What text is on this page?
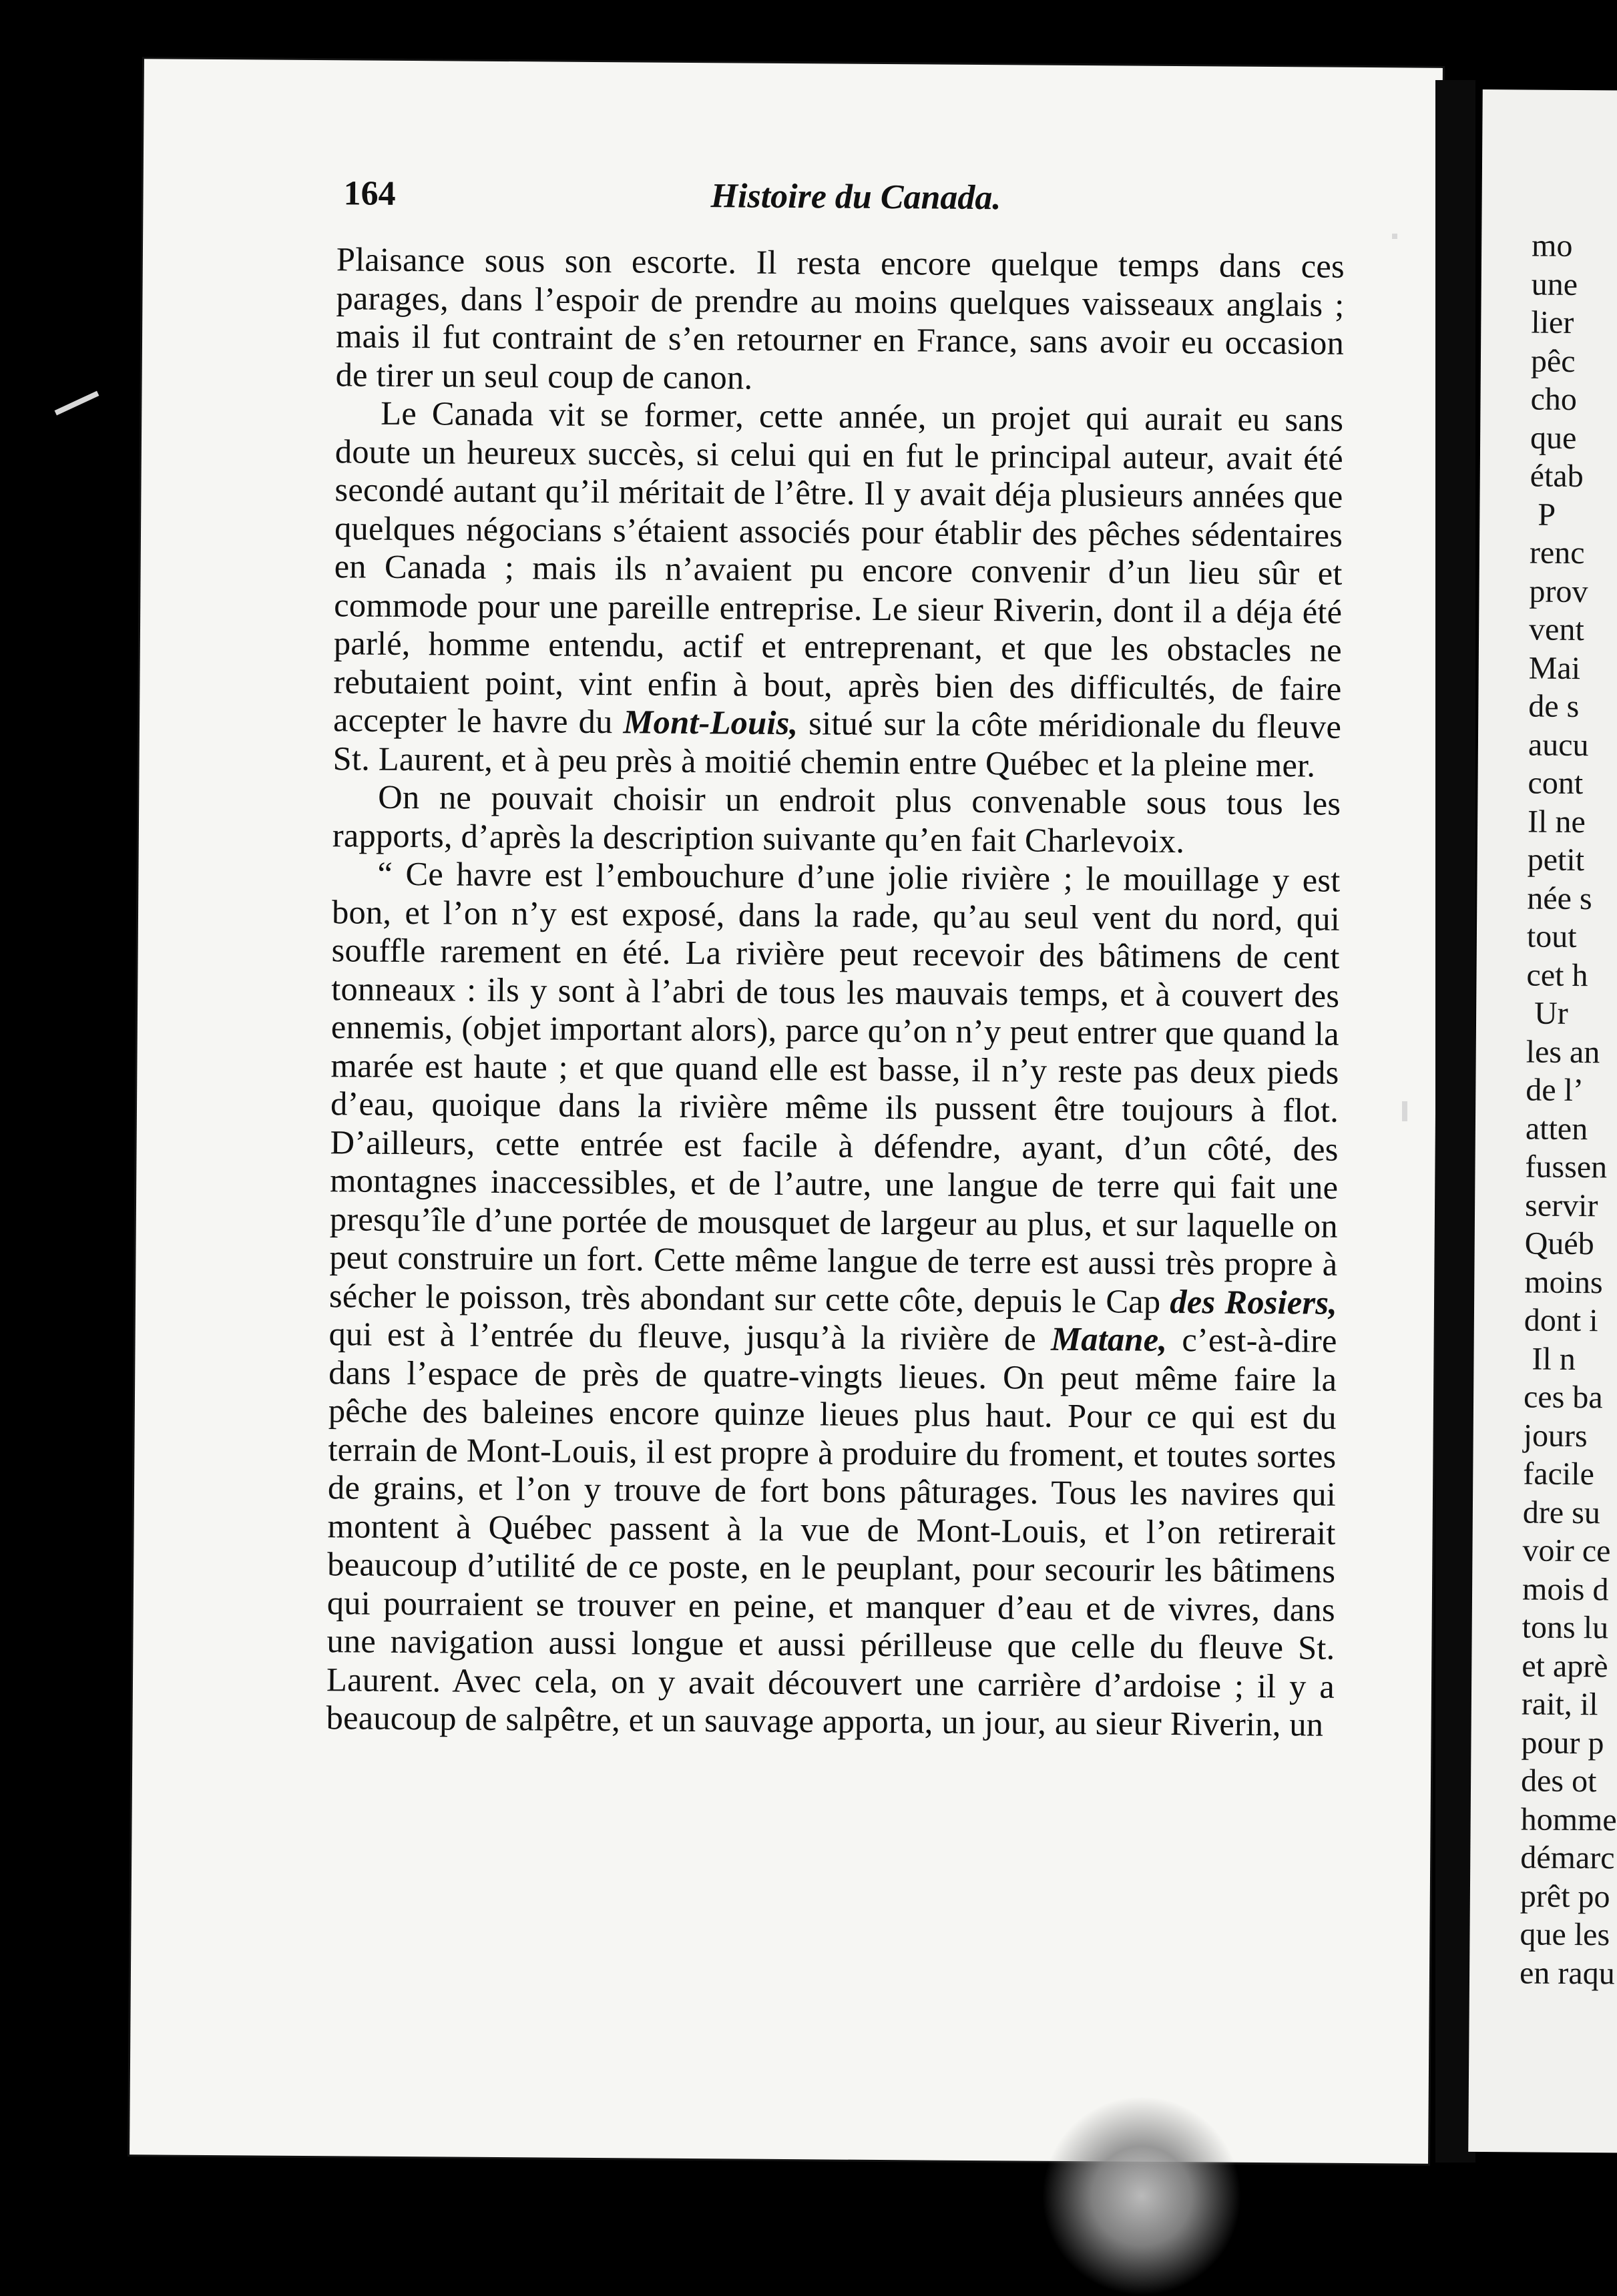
164	Histoire du Canada.

Plaisance sous son escorte. Il resta encore quelque temps dans ces parages, dans l’espoir de prendre au moins quelques vaisseaux anglais ; mais il fut contraint de s’en retourner en France, sans avoir eu occasion de tirer un seul coup de canon.

Le Canada vit se former, cette année, un projet qui aurait eu sans doute un heureux succès, si celui qui en fut le principal auteur, avait été secondé autant qu’il méritait de l’être. Il y avait déja plusieurs années que quelques négocians s’étaient associés pour établir des pêches sédentaires en Canada ; mais ils n’avaient pu encore convenir d’un lieu sûr et commode pour une pareille entreprise. Le sieur Riverin, dont il a déja été parlé, homme entendu, actif et entreprenant, et que les obstacles ne rebutaient point, vint enfin à bout, après bien des difficultés, de faire accepter le havre du Mont-Louis, situé sur la côte méridionale du fleuve St. Laurent, et à peu près à moitié chemin entre Québec et la pleine mer.

On ne pouvait choisir un endroit plus convenable sous tous les rapports, d’après la description suivante qu’en fait Charlevoix.

“ Ce havre est l’embouchure d’une jolie rivière ; le mouillage y est bon, et l’on n’y est exposé, dans la rade, qu’au seul vent du nord, qui souffle rarement en été. La rivière peut recevoir des bâtimens de cent tonneaux : ils y sont à l’abri de tous les mauvais temps, et à couvert des ennemis, (objet important alors), parce qu’on n’y peut entrer que quand la marée est haute ; et que quand elle est basse, il n’y reste pas deux pieds d’eau, quoique dans la rivière même ils pussent être toujours à flot. D’ailleurs, cette entrée est facile à défendre, ayant, d’un côté, des montagnes inaccessibles, et de l’autre, une langue de terre qui fait une presqu’île d’une portée de mousquet de largeur au plus, et sur laquelle on peut construire un fort. Cette même langue de terre est aussi très propre à sécher le poisson, très abondant sur cette côte, depuis le Cap des Rosiers, qui est à l’entrée du fleuve, jusqu’à la rivière de Matane, c’est-à-dire dans l’espace de près de quatre-vingts lieues. On peut même faire la pêche des baleines encore quinze lieues plus haut. Pour ce qui est du terrain de Mont-Louis, il est propre à produire du froment, et toutes sortes de grains, et l’on y trouve de fort bons pâturages. Tous les navires qui montent à Québec passent à la vue de Mont-Louis, et l’on retirerait beaucoup d’utilité de ce poste, en le peuplant, pour secourir les bâtimens qui pourraient se trouver en peine, et manquer d’eau et de vivres, dans une navigation aussi longue et aussi périlleuse que celle du fleuve St. Laurent. Avec cela, on y avait découvert une carrière d’ardoise ; il y a beaucoup de salpêtre, et un sauvage apporta, un jour, au sieur Riverin, un

mo
une
lier
pêc
cho
que
étab
P
renc
prov
vent
Mai
de s
aucu
cont
Il ne
petit
née s
tout
cet h
Ur
les an
de l’
atten
fussen
servir
Québ
moins
dont i
Il n
ces ba
jours
facile
dre su
voir ce
mois d
tons lu
et aprè
rait, il
pour p
des ot
homme
démarc
prêt po
que les
en raqu
